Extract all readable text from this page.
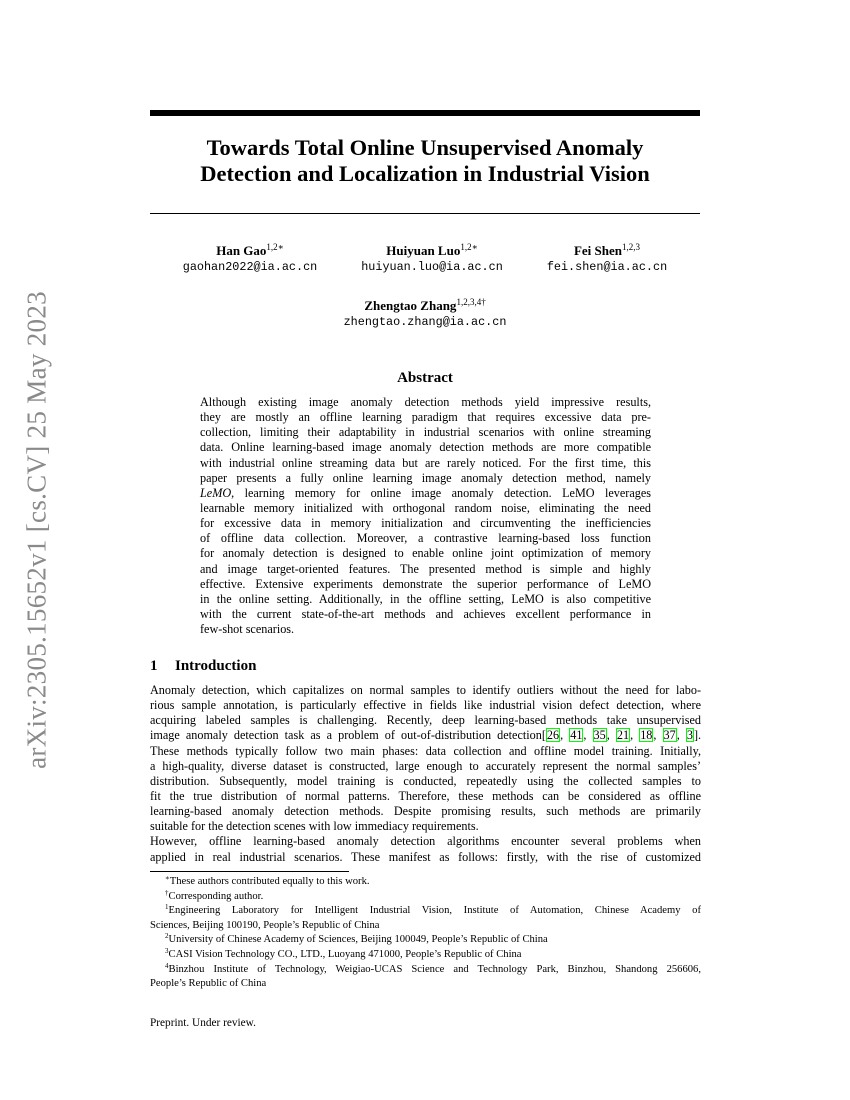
arXiv:2305.15652v1 [cs.CV] 25 May 2023
Towards Total Online Unsupervised Anomaly
Detection and Localization in Industrial Vision
Han Gao$^{1,2∗}$
gaohan2022@ia.ac.cn
Huiyuan Luo$^{1,2∗}$
huiyuan.luo@ia.ac.cn
Fei Shen$^{1,2,3}$
fei.shen@ia.ac.cn
Zhengtao Zhang$^{1,2,3,4\dagger}$
zhengtao.zhang@ia.ac.cn
Abstract
Although existing image anomaly detection methods yield impressive results,
they are mostly an offline learning paradigm that requires excessive data pre-
collection, limiting their adaptability in industrial scenarios with online streaming
data. Online learning-based image anomaly detection methods are more compatible
with industrial online streaming data but are rarely noticed. For the first time, this
paper presents a fully online learning image anomaly detection method, namely
LeMO, learning memory for online image anomaly detection. LeMO leverages
learnable memory initialized with orthogonal random noise, eliminating the need
for excessive data in memory initialization and circumventing the inefficiencies
of offline data collection. Moreover, a contrastive learning-based loss function
for anomaly detection is designed to enable online joint optimization of memory
and image target-oriented features. The presented method is simple and highly
effective. Extensive experiments demonstrate the superior performance of LeMO
in the online setting. Additionally, in the offline setting, LeMO is also competitive
with the current state-of-the-art methods and achieves excellent performance in
few-shot scenarios.
1 Introduction
Anomaly detection, which capitalizes on normal samples to identify outliers without the need for labo-
rious sample annotation, is particularly effective in fields like industrial vision defect detection, where
acquiring labeled samples is challenging. Recently, deep learning-based methods take unsupervised
image anomaly detection task as a problem of out-of-distribution detection[26, 41, 35, 21, 18, 37, 3].
These methods typically follow two main phases: data collection and offline model training. Initially,
a high-quality, diverse dataset is constructed, large enough to accurately represent the normal samples’
distribution. Subsequently, model training is conducted, repeatedly using the collected samples to
fit the true distribution of normal patterns. Therefore, these methods can be considered as offline
learning-based anomaly detection methods. Despite promising results, such methods are primarily
suitable for the detection scenes with low immediacy requirements.
However, offline learning-based anomaly detection algorithms encounter several problems when
applied in real industrial scenarios. These manifest as follows: firstly, with the rise of customized
∗These authors contributed equally to this work.
†Corresponding author.
$^1$Engineering Laboratory for Intelligent Industrial Vision, Institute of Automation, Chinese Academy of
Sciences, Beijing 100190, People’s Republic of China
$^2$University of Chinese Academy of Sciences, Beijing 100049, People’s Republic of China
$^3$CASI Vision Technology CO., LTD., Luoyang 471000, People’s Republic of China
$^4$Binzhou Institute of Technology, Weigiao-UCAS Science and Technology Park, Binzhou, Shandong 256606,
People’s Republic of China
Preprint. Under review.
